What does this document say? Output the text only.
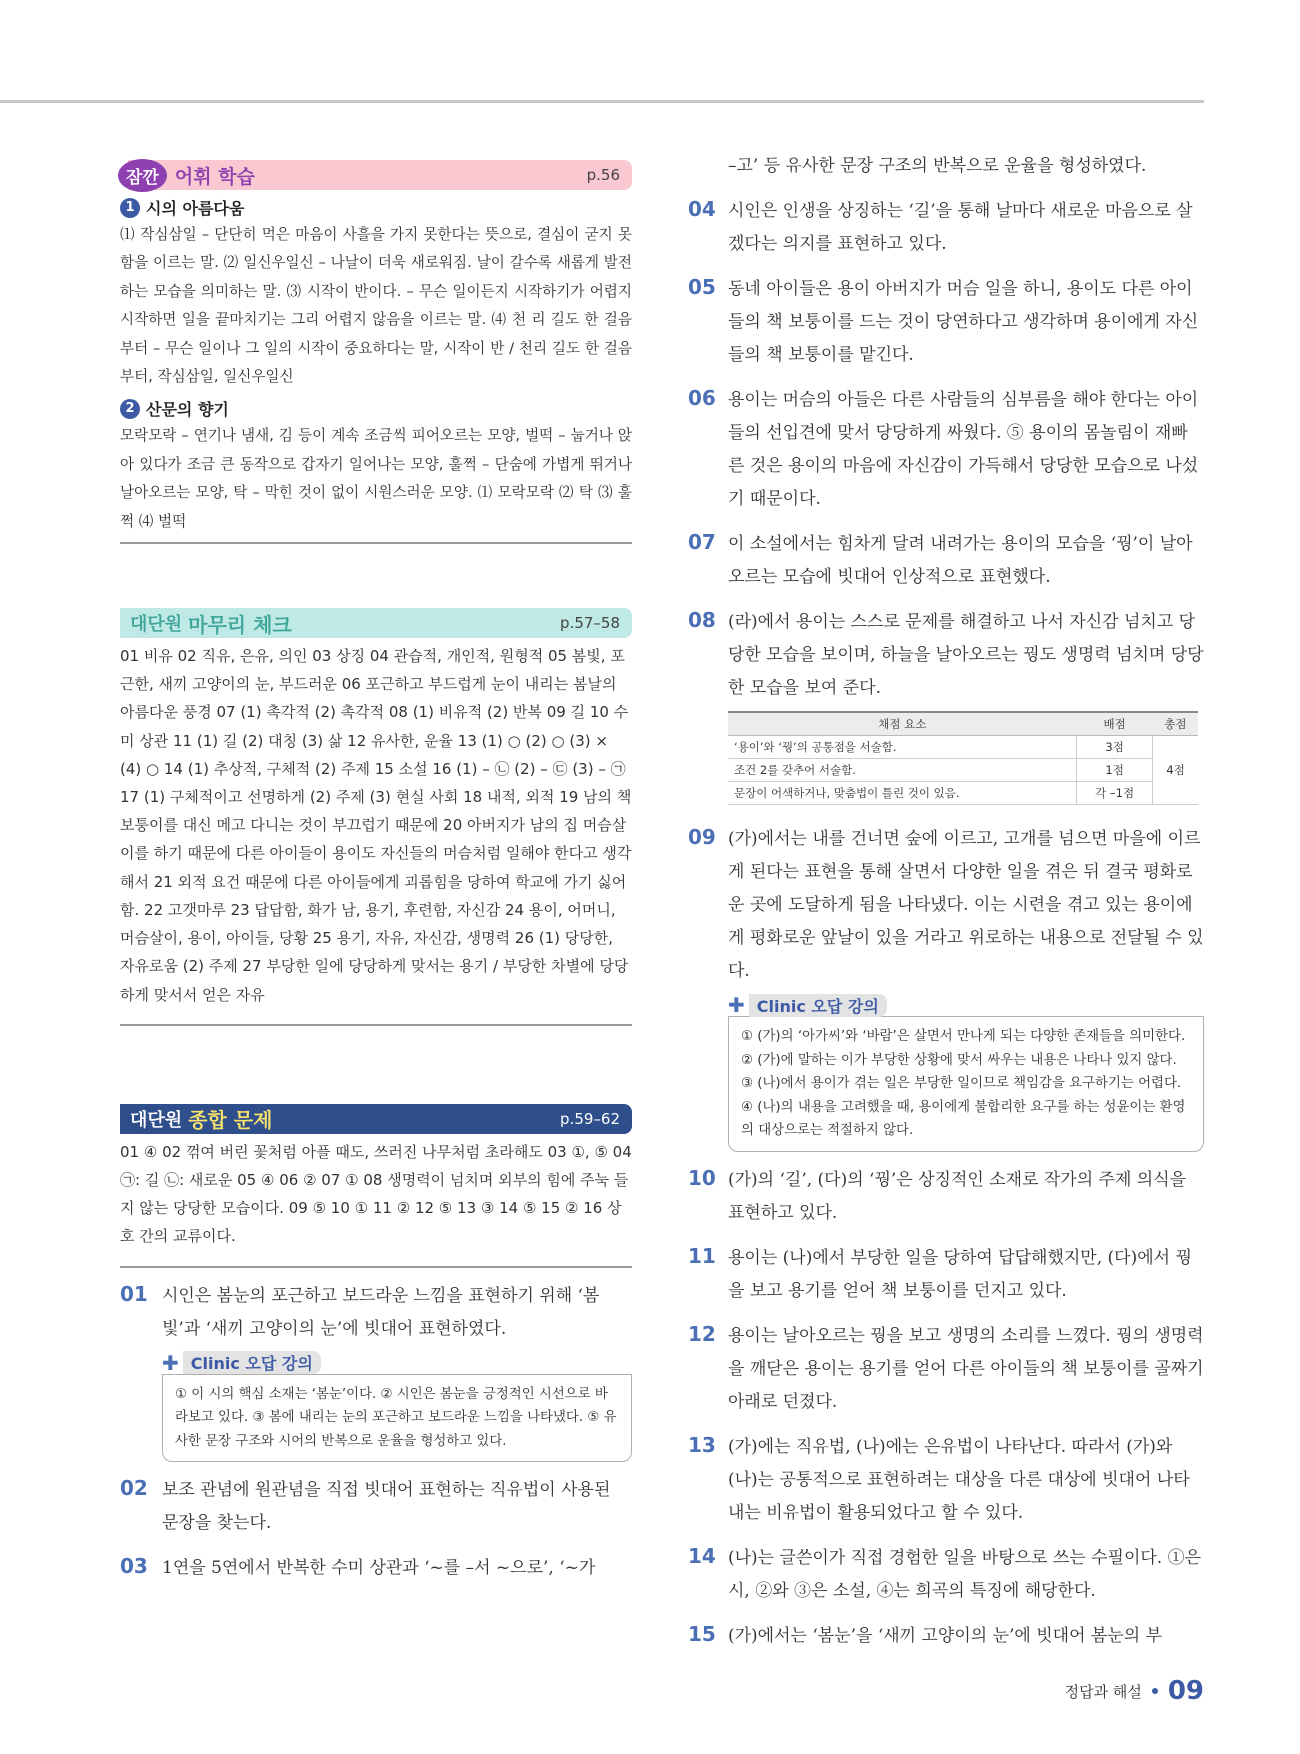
잠깐 어휘 학습	p.56
1 시의 아름다움

⑴ 작심삼일 – 단단히 먹은 마음이 사흘을 가지 못한다는 뜻으로, 결심이 굳지 못함을 이르는 말. ⑵ 일신우일신 – 나날이 더욱 새로워짐. 날이 갈수록 새롭게 발전하는 모습을 의미하는 말. ⑶ 시작이 반이다. – 무슨 일이든지 시작하기가 어렵지 시작하면 일을 끝마치기는 그리 어렵지 않음을 이르는 말. ⑷ 천 리 길도 한 걸음부터 – 무슨 일이나 그 일의 시작이 중요하다는 말, 시작이 반 / 천리 길도 한 걸음부터, 작심삼일, 일신우일신

2 산문의 향기

모락모락 – 연기나 냄새, 김 등이 계속 조금씩 피어오르는 모양, 벌떡 – 눕거나 앉아 있다가 조금 큰 동작으로 갑자기 일어나는 모양, 훌쩍 – 단숨에 가볍게 뛰거나 날아오르는 모양, 탁 – 막힌 것이 없이 시원스러운 모양. ⑴ 모락모락 ⑵ 탁 ⑶ 훌쩍 ⑷ 벌떡

대단원 마무리 체크	p.57–58

01 비유 02 직유, 은유, 의인 03 상징 04 관습적, 개인적, 원형적 05 봄빛, 포근한, 새끼 고양이의 눈, 부드러운 06 포근하고 부드럽게 눈이 내리는 봄날의 아름다운 풍경 07 (1) 촉각적 (2) 촉각적 08 (1) 비유적 (2) 반복 09 길 10 수미 상관 11 (1) 길 (2) 대칭 (3) 삶 12 유사한, 운율 13 (1) ○ (2) ○ (3) × (4) ○ 14 (1) 추상적, 구체적 (2) 주제 15 소설 16 (1) – ㉡ (2) – ㉢ (3) – ㉠ 17 (1) 구체적이고 선명하게 (2) 주제 (3) 현실 사회 18 내적, 외적 19 남의 책 보퉁이를 대신 메고 다니는 것이 부끄럽기 때문에 20 아버지가 남의 집 머슴살이를 하기 때문에 다른 아이들이 용이도 자신들의 머슴처럼 일해야 한다고 생각해서 21 외적 요건 때문에 다른 아이들에게 괴롭힘을 당하여 학교에 가기 싫어함. 22 고갯마루 23 답답함, 화가 남, 용기, 후련함, 자신감 24 용이, 어머니, 머슴살이, 용이, 아이들, 당황 25 용기, 자유, 자신감, 생명력 26 (1) 당당한, 자유로움 (2) 주제 27 부당한 일에 당당하게 맞서는 용기 / 부당한 차별에 당당하게 맞서서 얻은 자유

대단원 종합 문제	p.59–62

01 ④ 02 꺾여 버린 꽃처럼 아플 때도, 쓰러진 나무처럼 초라해도 03 ①, ⑤ 04 ㉠: 길 ㉡: 새로운 05 ④ 06 ② 07 ① 08 생명력이 넘치며 외부의 힘에 주눅 들지 않는 당당한 모습이다. 09 ⑤ 10 ① 11 ② 12 ⑤ 13 ③ 14 ⑤ 15 ② 16 상호 간의 교류이다.

01 시인은 봄눈의 포근하고 보드라운 느낌을 표현하기 위해 ‘봄빛’과 ‘새끼 고양이의 눈’에 빗대어 표현하였다.
✚ Clinic 오답 강의
① 이 시의 핵심 소재는 ‘봄눈’이다. ② 시인은 봄눈을 긍정적인 시선으로 바라보고 있다. ③ 봄에 내리는 눈의 포근하고 보드라운 느낌을 나타냈다. ⑤ 유사한 문장 구조와 시어의 반복으로 운율을 형성하고 있다.
02 보조 관념에 원관념을 직접 빗대어 표현하는 직유법이 사용된 문장을 찾는다.
03 1연을 5연에서 반복한 수미 상관과 ‘~를 –서 ~으로’, ‘~가
–고’ 등 유사한 문장 구조의 반복으로 운율을 형성하였다.
04 시인은 인생을 상징하는 ‘길’을 통해 날마다 새로운 마음으로 살겠다는 의지를 표현하고 있다.
05 동네 아이들은 용이 아버지가 머슴 일을 하니, 용이도 다른 아이들의 책 보퉁이를 드는 것이 당연하다고 생각하며 용이에게 자신들의 책 보퉁이를 맡긴다.
06 용이는 머슴의 아들은 다른 사람들의 심부름을 해야 한다는 아이들의 선입견에 맞서 당당하게 싸웠다. ⑤ 용이의 몸놀림이 재빠른 것은 용이의 마음에 자신감이 가득해서 당당한 모습으로 나섰기 때문이다.
07 이 소설에서는 힘차게 달려 내려가는 용이의 모습을 ‘꿩’이 날아오르는 모습에 빗대어 인상적으로 표현했다.
08 (라)에서 용이는 스스로 문제를 해결하고 나서 자신감 넘치고 당당한 모습을 보이며, 하늘을 날아오르는 꿩도 생명력 넘치며 당당한 모습을 보여 준다.
채점 요소	배점	총점
‘용이’와 ‘꿩’의 공통점을 서술함.	3점	4점
조건 2를 갖추어 서술함.	1점	
문장이 어색하거나, 맞춤법이 틀린 것이 있음.	각 –1점	
09 (가)에서는 내를 건너면 숲에 이르고, 고개를 넘으면 마을에 이르게 된다는 표현을 통해 살면서 다양한 일을 겪은 뒤 결국 평화로운 곳에 도달하게 됨을 나타냈다. 이는 시련을 겪고 있는 용이에게 평화로운 앞날이 있을 거라고 위로하는 내용으로 전달될 수 있다.
✚ Clinic 오답 강의
① (가)의 ‘아가씨’와 ‘바람’은 살면서 만나게 되는 다양한 존재들을 의미한다. ② (가)에 말하는 이가 부당한 상황에 맞서 싸우는 내용은 나타나 있지 않다. ③ (나)에서 용이가 겪는 일은 부당한 일이므로 책임감을 요구하기는 어렵다. ④ (나)의 내용을 고려했을 때, 용이에게 불합리한 요구를 하는 성윤이는 환영의 대상으로는 적절하지 않다.
10 (가)의 ‘길’, (다)의 ‘꿩’은 상징적인 소재로 작가의 주제 의식을 표현하고 있다.
11 용이는 (나)에서 부당한 일을 당하여 답답해했지만, (다)에서 꿩을 보고 용기를 얻어 책 보퉁이를 던지고 있다.
12 용이는 날아오르는 꿩을 보고 생명의 소리를 느꼈다. 꿩의 생명력을 깨닫은 용이는 용기를 얻어 다른 아이들의 책 보퉁이를 골짜기 아래로 던졌다.
13 (가)에는 직유법, (나)에는 은유법이 나타난다. 따라서 (가)와 (나)는 공통적으로 표현하려는 대상을 다른 대상에 빗대어 나타내는 비유법이 활용되었다고 할 수 있다.
14 (나)는 글쓴이가 직접 경험한 일을 바탕으로 쓰는 수필이다. ①은 시, ②와 ③은 소설, ④는 희곡의 특징에 해당한다.
15 (가)에서는 ‘봄눈’을 ‘새끼 고양이의 눈’에 빗대어 봄눈의 부
정답과 해설 09
